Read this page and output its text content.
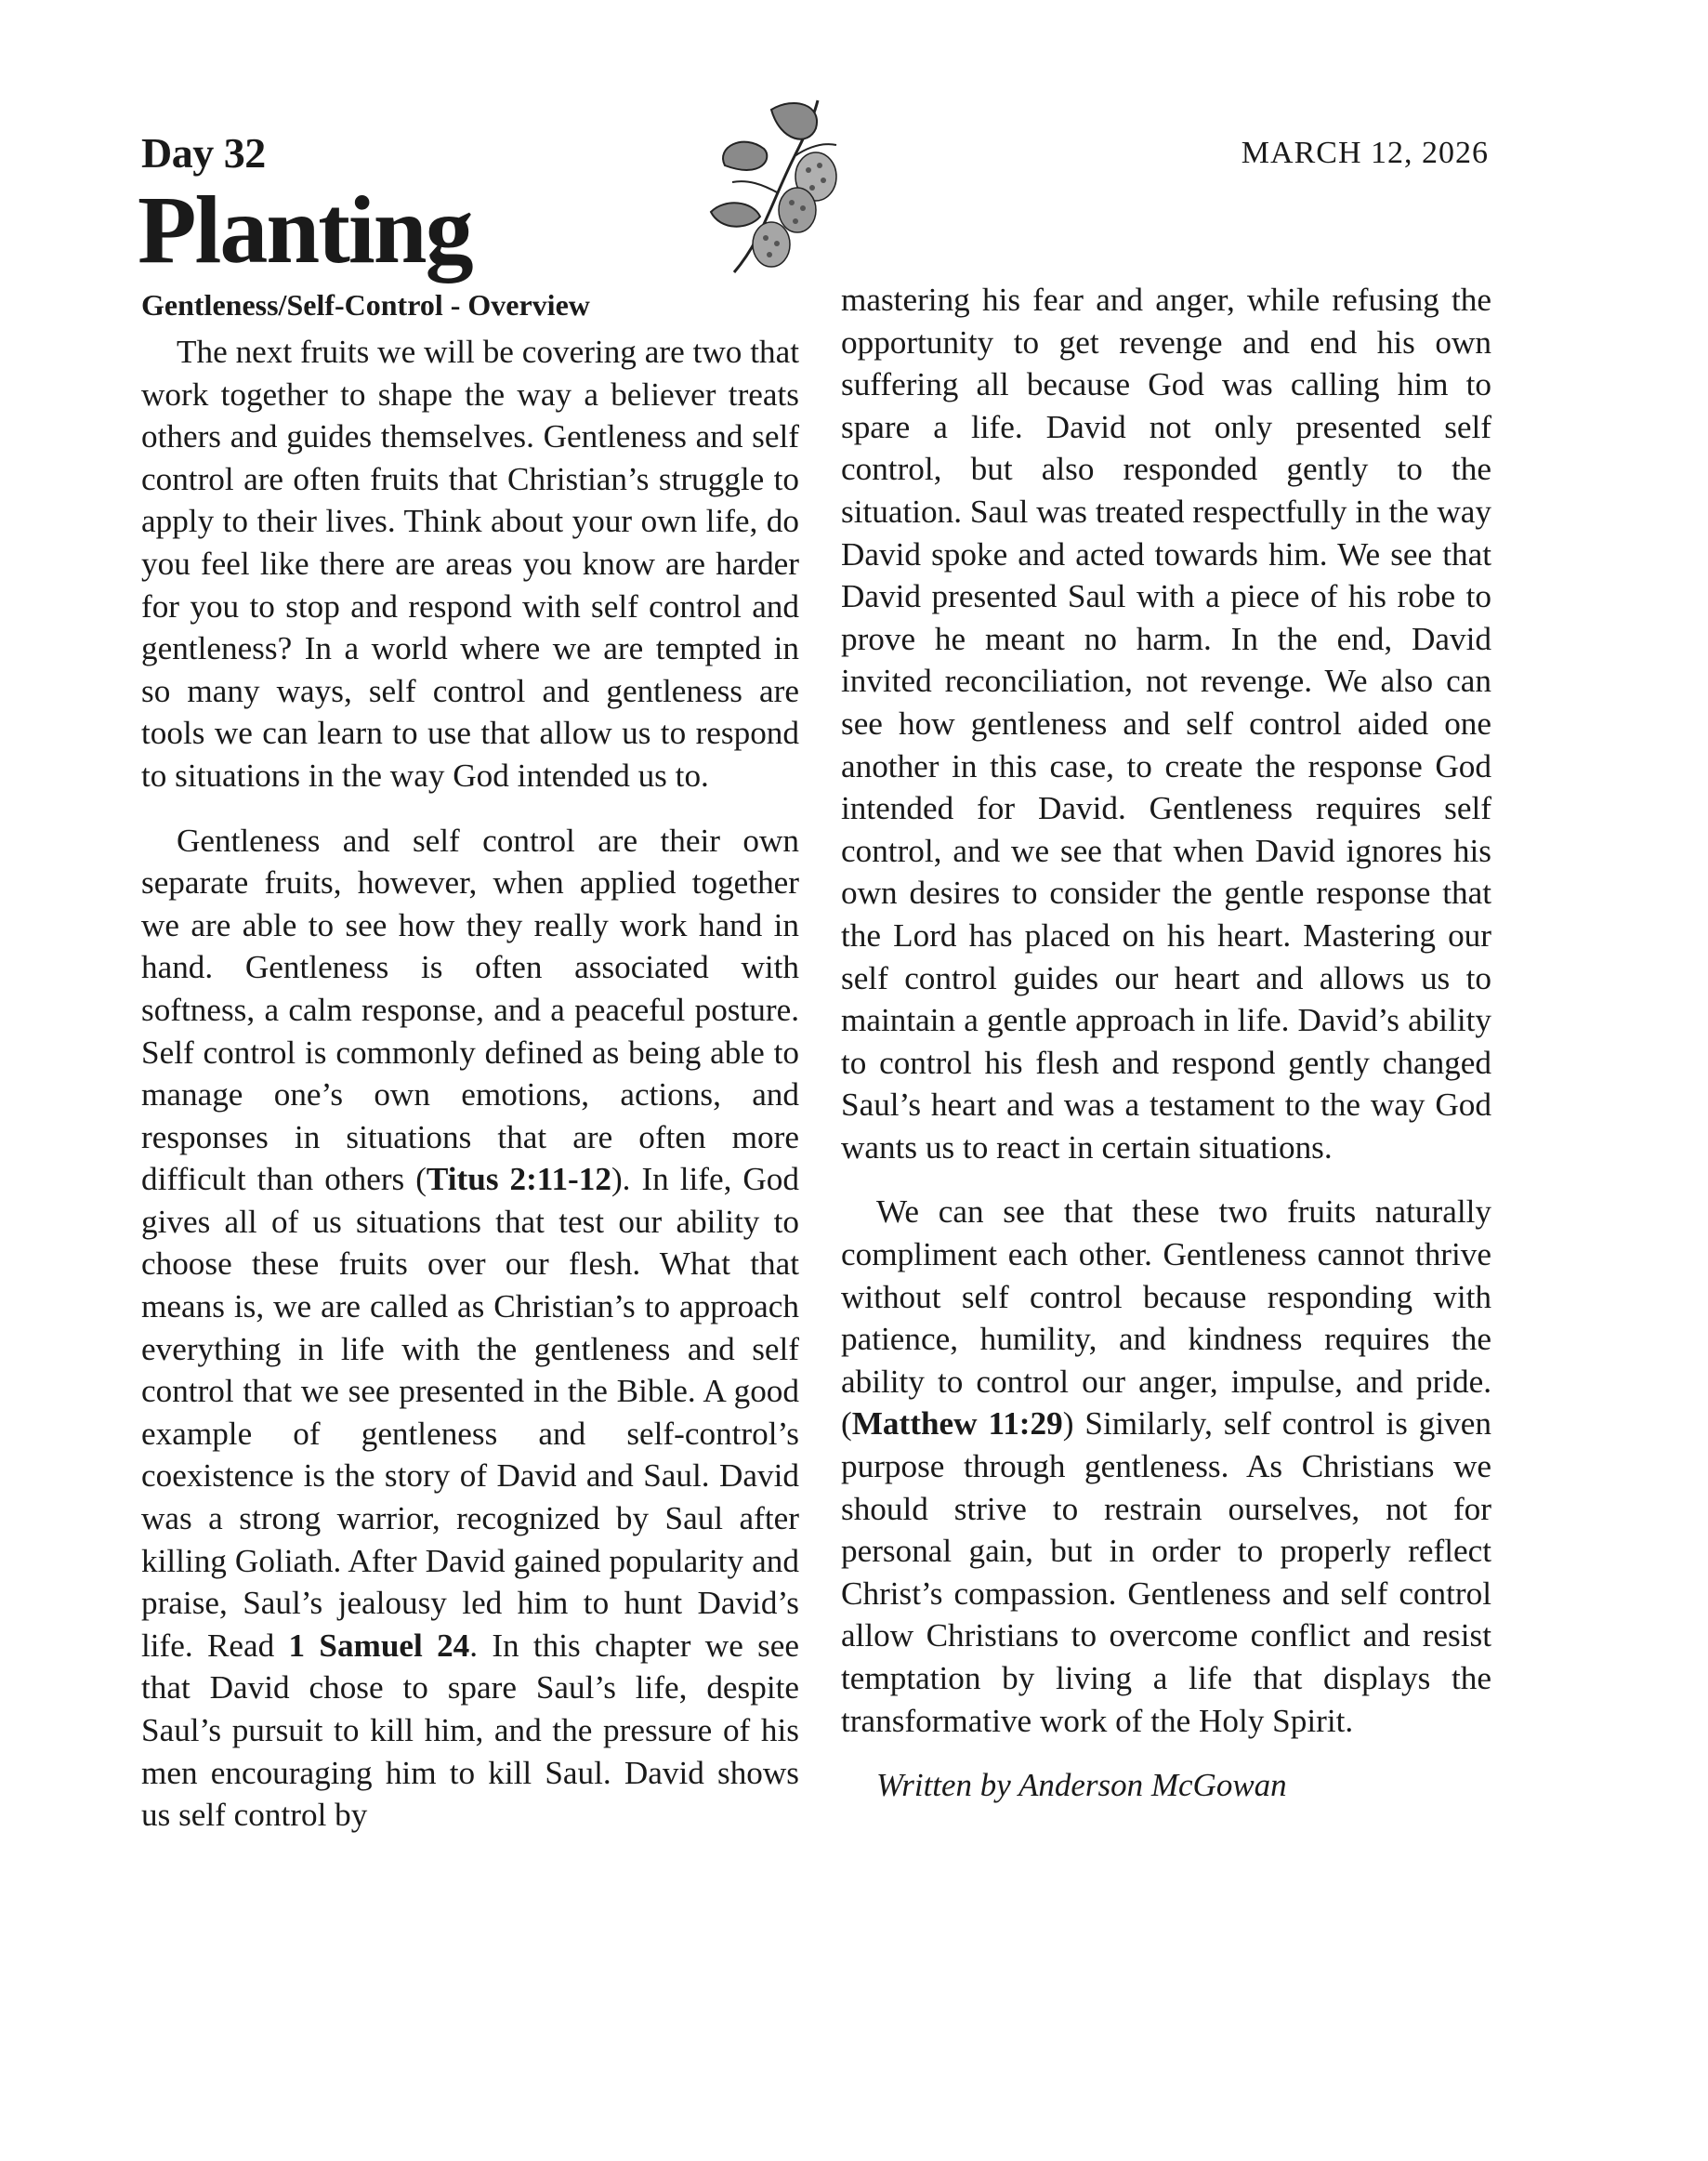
Day 32
Planting
MARCH 12, 2026
Gentleness/Self-Control - Overview

The next fruits we will be covering are two that work together to shape the way a believer treats others and guides themselves. Gentleness and self control are often fruits that Christian’s struggle to apply to their lives. Think about your own life, do you feel like there are areas you know are harder for you to stop and respond with self control and gentleness? In a world where we are tempted in so many ways, self control and gentleness are tools we can learn to use that allow us to respond to situations in the way God intended us to.

Gentleness and self control are their own separate fruits, however, when applied together we are able to see how they really work hand in hand. Gentleness is often associated with softness, a calm response, and a peaceful posture. Self control is commonly defined as being able to manage one’s own emotions, actions, and responses in situations that are often more difficult than others (Titus 2:11-12). In life, God gives all of us situations that test our ability to choose these fruits over our flesh. What that means is, we are called as Christian’s to approach everything in life with the gentleness and self control that we see presented in the Bible. A good example of gentleness and self-control’s coexistence is the story of David and Saul. David was a strong warrior, recognized by Saul after killing Goliath. After David gained popularity and praise, Saul’s jealousy led him to hunt David’s life. Read 1 Samuel 24. In this chapter we see that David chose to spare Saul’s life, despite Saul’s pursuit to kill him, and the pressure of his men encouraging him to kill Saul. David shows us self control by

mastering his fear and anger, while refusing the opportunity to get revenge and end his own suffering all because God was calling him to spare a life. David not only presented self control, but also responded gently to the situation. Saul was treated respectfully in the way David spoke and acted towards him. We see that David presented Saul with a piece of his robe to prove he meant no harm. In the end, David invited reconciliation, not revenge. We also can see how gentleness and self control aided one another in this case, to create the response God intended for David. Gentleness requires self control, and we see that when David ignores his own desires to consider the gentle response that the Lord has placed on his heart. Mastering our self control guides our heart and allows us to maintain a gentle approach in life. David’s ability to control his flesh and respond gently changed Saul’s heart and was a testament to the way God wants us to react in certain situations.

We can see that these two fruits naturally compliment each other. Gentleness cannot thrive without self control because responding with patience, humility, and kindness requires the ability to control our anger, impulse, and pride. (Matthew 11:29) Similarly, self control is given purpose through gentleness. As Christians we should strive to restrain ourselves, not for personal gain, but in order to properly reflect Christ’s compassion. Gentleness and self control allow Christians to overcome conflict and resist temptation by living a life that displays the transformative work of the Holy Spirit.

Written by Anderson McGowan
